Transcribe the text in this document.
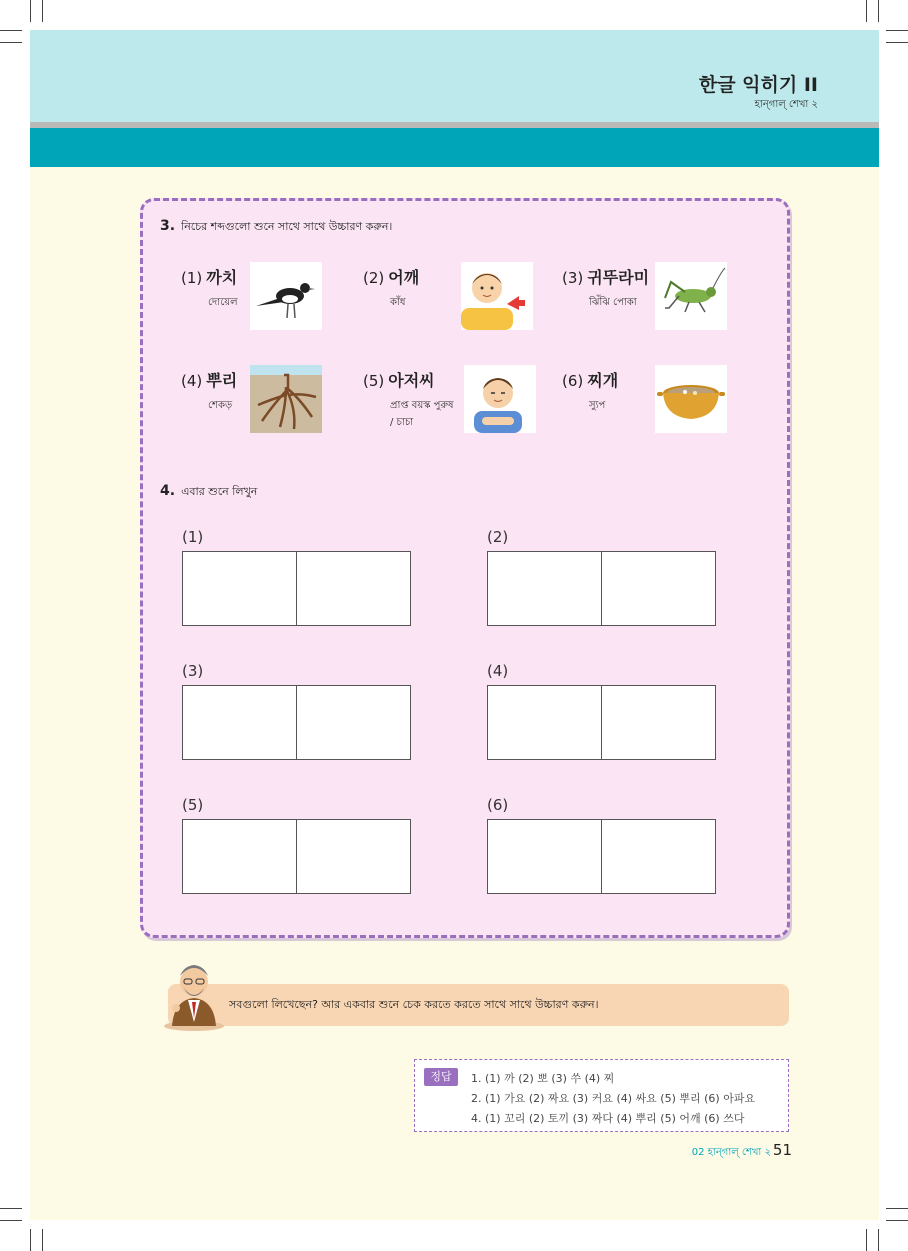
한글 익히기 II
হান্গাল্ শেখা ২
3. নিচের শব্দগুলো শুনে সাথে সাথে উচ্চারণ করুন।
(1) 까치
দোয়েল
(2) 어깨
কাঁধ
(3) 귀뚜라미
ঝিঁঝি পোকা
(4) 뿌리
শেকড়
(5) 아저씨
প্রাপ্ত বয়স্ক পুরুষ
/ চাচা
(6) 찌개
স্যুপ
4. এবার শুনে লিখুন
(1)	(2)
(3)	(4)
(5)	(6)
সবগুলো লিখেছেন? আর একবার শুনে চেক করতে করতে সাথে সাথে উচ্চারণ করুন।
정답	1. (1) 까 (2) 뽀 (3) 쑤 (4) 찌
2. (1) 가요 (2) 짜요 (3) 커요 (4) 싸요 (5) 뿌리 (6) 아파요
4. (1) 꼬리 (2) 토끼 (3) 짜다 (4) 뿌리 (5) 어깨 (6) 쓰다
02 হান্গাল্ শেখা ২ 51
